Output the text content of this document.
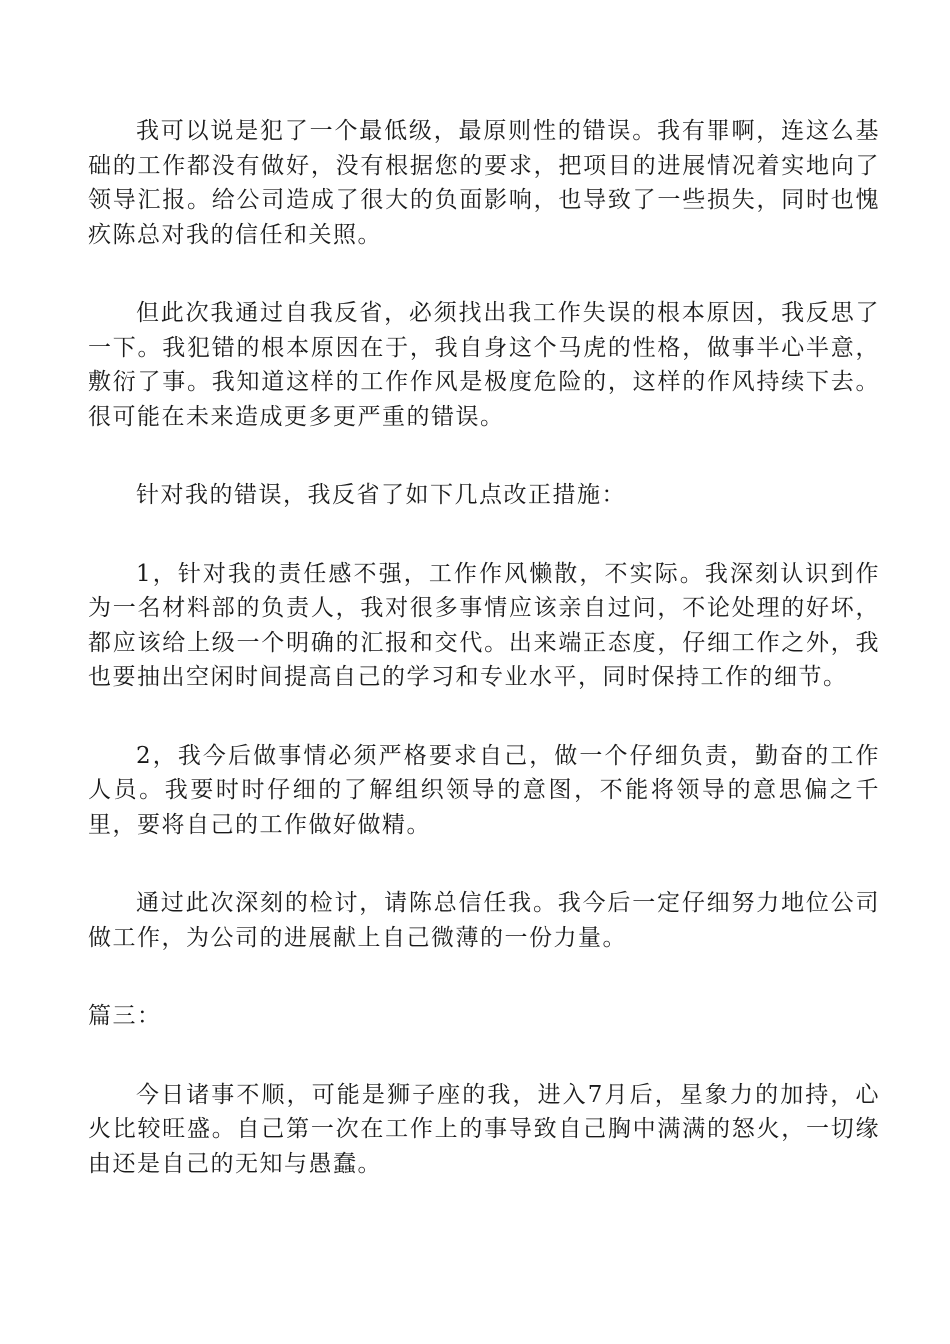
我可以说是犯了一个最低级，最原则性的错误。我有罪啊，连这么基础的工作都没有做好，没有根据您的要求，把项目的进展情况着实地向了领导汇报。给公司造成了很大的负面影响，也导致了一些损失，同时也愧疚陈总对我的信任和关照。

但此次我通过自我反省，必须找出我工作失误的根本原因，我反思了一下。我犯错的根本原因在于，我自身这个马虎的性格，做事半心半意，敷衍了事。我知道这样的工作作风是极度危险的，这样的作风持续下去。很可能在未来造成更多更严重的错误。

针对我的错误，我反省了如下几点改正措施：

1，针对我的责任感不强，工作作风懒散，不实际。我深刻认识到作为一名材料部的负责人，我对很多事情应该亲自过问，不论处理的好坏，都应该给上级一个明确的汇报和交代。出来端正态度，仔细工作之外，我也要抽出空闲时间提高自己的学习和专业水平，同时保持工作的细节。

2，我今后做事情必须严格要求自己，做一个仔细负责，勤奋的工作人员。我要时时仔细的了解组织领导的意图，不能将领导的意思偏之千里，要将自己的工作做好做精。

通过此次深刻的检讨，请陈总信任我。我今后一定仔细努力地位公司做工作，为公司的进展献上自己微薄的一份力量。

篇三：

今日诸事不顺，可能是狮子座的我，进入7月后，星象力的加持，心火比较旺盛。自己第一次在工作上的事导致自己胸中满满的怒火，一切缘由还是自己的无知与愚蠢。
